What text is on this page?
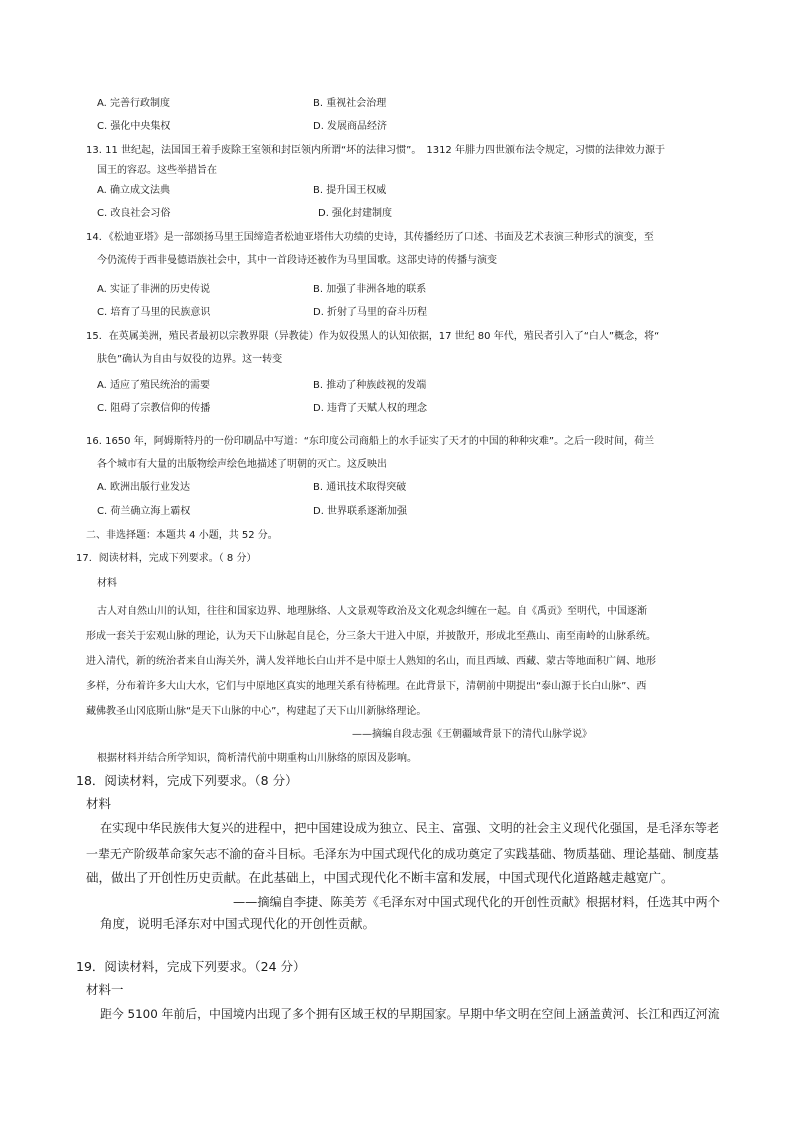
A. 完善行政制度	B. 重视社会治理
C. 强化中央集权	D. 发展商品经济
13. 11 世纪起，法国国王着手废除王室领和封臣领内所谓“坏的法律习惯”。　1312 年腓力四世颁布法令规定，习惯的法律效力源于
国王的容忍。这些举措旨在
A. 确立成文法典	B. 提升国王权威
C. 改良社会习俗	D. 强化封建制度
14．《松迪亚塔》是一部颂扬马里王国缔造者松迪亚塔伟大功绩的史诗，其传播经历了口述、书面及艺术表演三种形式的演变，至
今仍流传于西非曼德语族社会中，其中一首段诗还被作为马里国歌。这部史诗的传播与演变
A. 实证了非洲的历史传说	B. 加强了非洲各地的联系
C. 培育了马里的民族意识	D. 折射了马里的奋斗历程
15．在英属美洲，殖民者最初以宗教界限（异教徒）作为奴役黑人的认知依据，17 世纪 80 年代，殖民者引入了“白人”概念，将“
肤色”确认为自由与奴役的边界。这一转变
A. 适应了殖民统治的需要	B. 推动了种族歧视的发端
C. 阻碍了宗教信仰的传播	D. 违背了天赋人权的理念
16. 1650 年，阿姆斯特丹的一份印刷品中写道：“东印度公司商船上的水手证实了天才的中国的种种灾难”。之后一段时间，荷兰
各个城市有大量的出版物绘声绘色地描述了明朝的灭亡。这反映出
A. 欧洲出版行业发达	B. 通讯技术取得突破
C. 荷兰确立海上霸权	D. 世界联系逐渐加强
二、非选择题：本题共 4 小题，共 52 分。
17．阅读材料，完成下列要求。（ 8 分）
材料
古人对自然山川的认知，往往和国家边界、地理脉络、人文景观等政治及文化观念纠缠在一起。自《禹贡》至明代，中国逐渐
形成一套关于宏观山脉的理论，认为天下山脉起自昆仑，分三条大干进入中原，并披散开，形成北至燕山、南至南岭的山脉系统。
进入清代，新的统治者来自山海关外，满人发祥地长白山并不是中原士人熟知的名山，而且西域、西藏、蒙古等地面积广阔、地形
多样，分布着许多大山大水，它们与中原地区真实的地理关系有待梳理。在此背景下，清朝前中期提出“泰山源于长白山脉”、西
藏佛教圣山冈底斯山脉“是天下山脉的中心”，构建起了天下山川新脉络理论。
——摘编自段志强《王朝疆域背景下的清代山脉学说》
根据材料并结合所学知识，简析清代前中期重构山川脉络的原因及影响。
18．阅读材料，完成下列要求。（8 分）
材料
在实现中华民族伟大复兴的进程中，把中国建设成为独立、民主、富强、文明的社会主义现代化强国，是毛泽东等老
一辈无产阶级革命家矢志不渝的奋斗目标。毛泽东为中国式现代化的成功奠定了实践基础、物质基础、理论基础、制度基
础，做出了开创性历史贡献。在此基础上，中国式现代化不断丰富和发展，中国式现代化道路越走越宽广。
——摘编自李捷、陈美芳《毛泽东对中国式现代化的开创性贡献》根据材料，任选其中两个
角度，说明毛泽东对中国式现代化的开创性贡献。
19．阅读材料，完成下列要求。（24 分）
材料一
距今 5100 年前后，中国境内出现了多个拥有区域王权的早期国家。早期中华文明在空间上涵盖黄河、长江和西辽河流
